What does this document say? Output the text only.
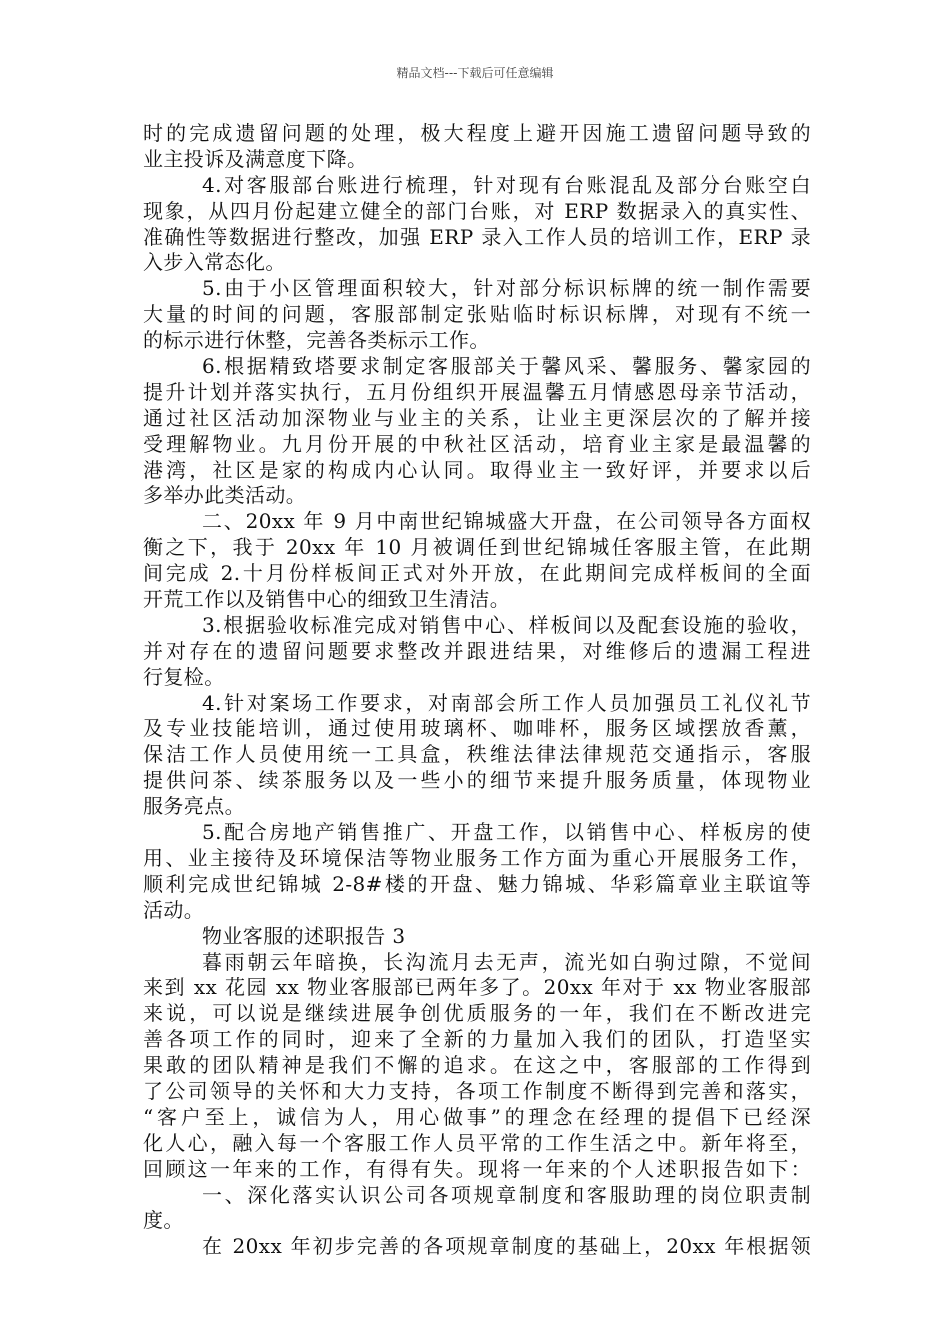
精品文档---下载后可任意编辑
时的完成遗留问题的处理，极大程度上避开因施工遗留问题导致的
业主投诉及满意度下降。
4.对客服部台账进行梳理，针对现有台账混乱及部分台账空白
现象，从四月份起建立健全的部门台账，对 ERP 数据录入的真实性、
准确性等数据进行整改，加强 ERP 录入工作人员的培训工作，ERP 录
入步入常态化。
5.由于小区管理面积较大，针对部分标识标牌的统一制作需要
大量的时间的问题，客服部制定张贴临时标识标牌，对现有不统一
的标示进行休整，完善各类标示工作。
6.根据精致塔要求制定客服部关于馨风采、馨服务、馨家园的
提升计划并落实执行，五月份组织开展温馨五月情感恩母亲节活动，
通过社区活动加深物业与业主的关系，让业主更深层次的了解并接
受理解物业。九月份开展的中秋社区活动，培育业主家是最温馨的
港湾，社区是家的构成内心认同。取得业主一致好评，并要求以后
多举办此类活动。
二、20xx 年 9 月中南世纪锦城盛大开盘，在公司领导各方面权
衡之下，我于 20xx 年 10 月被调任到世纪锦城任客服主管，在此期
间完成 2.十月份样板间正式对外开放，在此期间完成样板间的全面
开荒工作以及销售中心的细致卫生清洁。
3.根据验收标准完成对销售中心、样板间以及配套设施的验收，
并对存在的遗留问题要求整改并跟进结果，对维修后的遗漏工程进
行复检。
4.针对案场工作要求，对南部会所工作人员加强员工礼仪礼节
及专业技能培训，通过使用玻璃杯、咖啡杯，服务区域摆放香薰，
保洁工作人员使用统一工具盒，秩维法律法律规范交通指示，客服
提供问茶、续茶服务以及一些小的细节来提升服务质量，体现物业
服务亮点。
5.配合房地产销售推广、开盘工作，以销售中心、样板房的使
用、业主接待及环境保洁等物业服务工作方面为重心开展服务工作，
顺利完成世纪锦城 2-8#楼的开盘、魅力锦城、华彩篇章业主联谊等
活动。
物业客服的述职报告 3
暮雨朝云年暗换，长沟流月去无声，流光如白驹过隙，不觉间
来到 xx 花园 xx 物业客服部已两年多了。20xx 年对于 xx 物业客服部
来说，可以说是继续进展争创优质服务的一年，我们在不断改进完
善各项工作的同时，迎来了全新的力量加入我们的团队，打造坚实
果敢的团队精神是我们不懈的追求。在这之中，客服部的工作得到
了公司领导的关怀和大力支持，各项工作制度不断得到完善和落实，
“客户至上，诚信为人，用心做事”的理念在经理的提倡下已经深
化人心，融入每一个客服工作人员平常的工作生活之中。新年将至，
回顾这一年来的工作，有得有失。现将一年来的个人述职报告如下：
一、深化落实认识公司各项规章制度和客服助理的岗位职责制
度。
在 20xx 年初步完善的各项规章制度的基础上，20xx 年根据领
